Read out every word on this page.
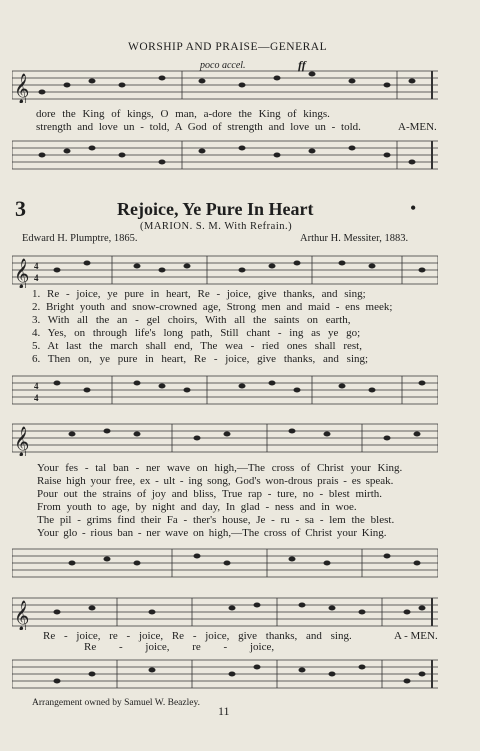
WORSHIP AND PRAISE—GENERAL
𝄞
poco accel.	ff
dore the King of kings, O man, a-dore the King of kings.
strength and love un - told, A God of strength and love un - told.	A-MEN.
3	Rejoice, Ye Pure In Heart	•
(MARION. S. M. With Refrain.)
Edward H. Plumptre, 1865.	Arthur H. Messiter, 1883.
𝄞 4
4
1. Re - joice, ye pure in heart, Re - joice, give thanks, and sing;
2. Bright youth and snow-crowned age, Strong men and maid - ens meek;
3. With all the an - gel choirs, With all the saints on earth,
4. Yes, on through life's long path, Still chant - ing as ye go;
5. At last the march shall end, The wea - ried ones shall rest,
6. Then on, ye pure in heart, Re - joice, give thanks, and sing;
4
4
𝄞
Your fes - tal ban - ner wave on high,—The cross of Christ your King.
Raise high your free, ex - ult - ing song, God's won-drous prais - es speak.
Pour out the strains of joy and bliss, True rap - ture, no - blest mirth.
From youth to age, by night and day, In glad - ness and in woe.
The pil - grims find their Fa - ther's house, Je - ru - sa - lem the blest.
Your glo - rious ban - ner wave on high,—The cross of Christ your King.
𝄞
Re - joice, re - joice, Re - joice, give thanks, and sing.	A - MEN.
Re - joice, re - joice,
Arrangement owned by Samuel W. Beazley.
11
